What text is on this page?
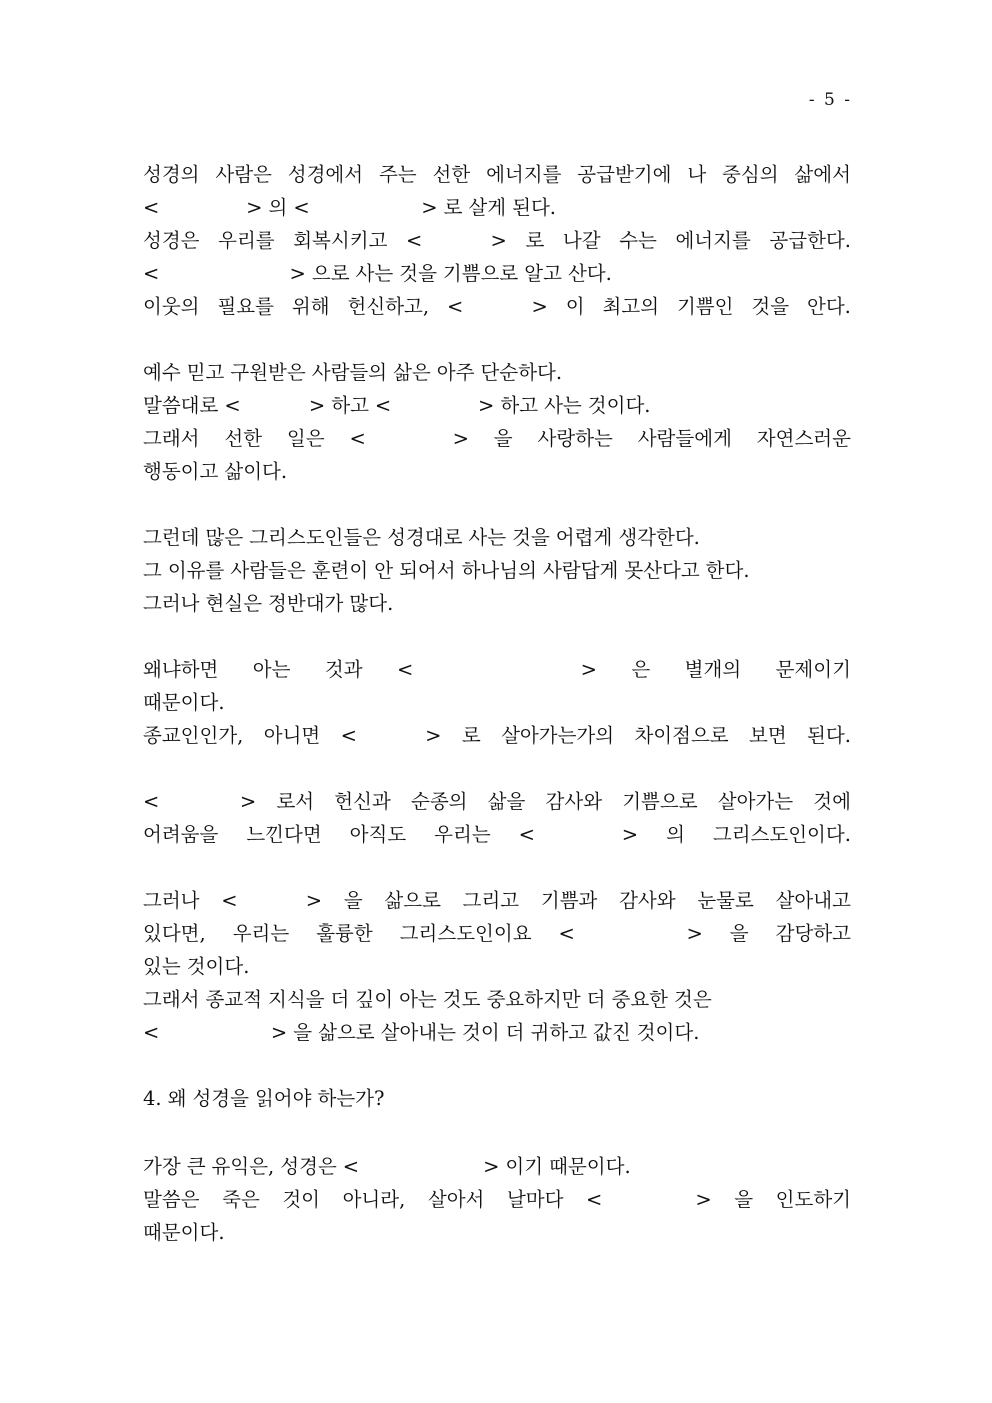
- 5 -
성경의 사람은 성경에서 주는 선한 에너지를 공급받기에 나 중심의 삶에서
<              > 의 <                  > 로 살게 된다.
성경은 우리를 회복시키고 <           > 로 나갈 수는 에너지를 공급한다.
<                     > 으로 사는 것을 기쁨으로 알고 산다.
이웃의 필요를 위해 헌신하고, <           > 이 최고의 기쁨인 것을 안다.
예수 믿고 구원받은 사람들의 삶은 아주 단순하다.
말씀대로 <           > 하고 <              > 하고 사는 것이다.
그래서 선한 일은 <              > 을 사랑하는 사람들에게 자연스러운
행동이고 삶이다.
그런데 많은 그리스도인들은 성경대로 사는 것을 어렵게 생각한다.
그 이유를 사람들은 훈련이 안 되어서 하나님의 사람답게 못산다고 한다.
그러나 현실은 정반대가 많다.
왜냐하면 아는 것과 <                           > 은 별개의 문제이기
때문이다.
종교인인가, 아니면 <           > 로 살아가는가의 차이점으로 보면 된다.
<             > 로서 헌신과 순종의 삶을 감사와 기쁨으로 살아가는 것에
어려움을 느낀다면 아직도 우리는 <              > 의 그리스도인이다.
그러나 <           > 을 삶으로 그리고 기쁨과 감사와 눈물로 살아내고
있다면, 우리는 훌륭한 그리스도인이요 <                  > 을 감당하고
있는 것이다.
그래서 종교적 지식을 더 깊이 아는 것도 중요하지만 더 중요한 것은
<                  > 을 삶으로 살아내는 것이 더 귀하고 값진 것이다.
4. 왜 성경을 읽어야 하는가?
가장 큰 유익은, 성경은 <                    > 이기 때문이다.
말씀은 죽은 것이 아니라, 살아서 날마다 <               > 을 인도하기
때문이다.
